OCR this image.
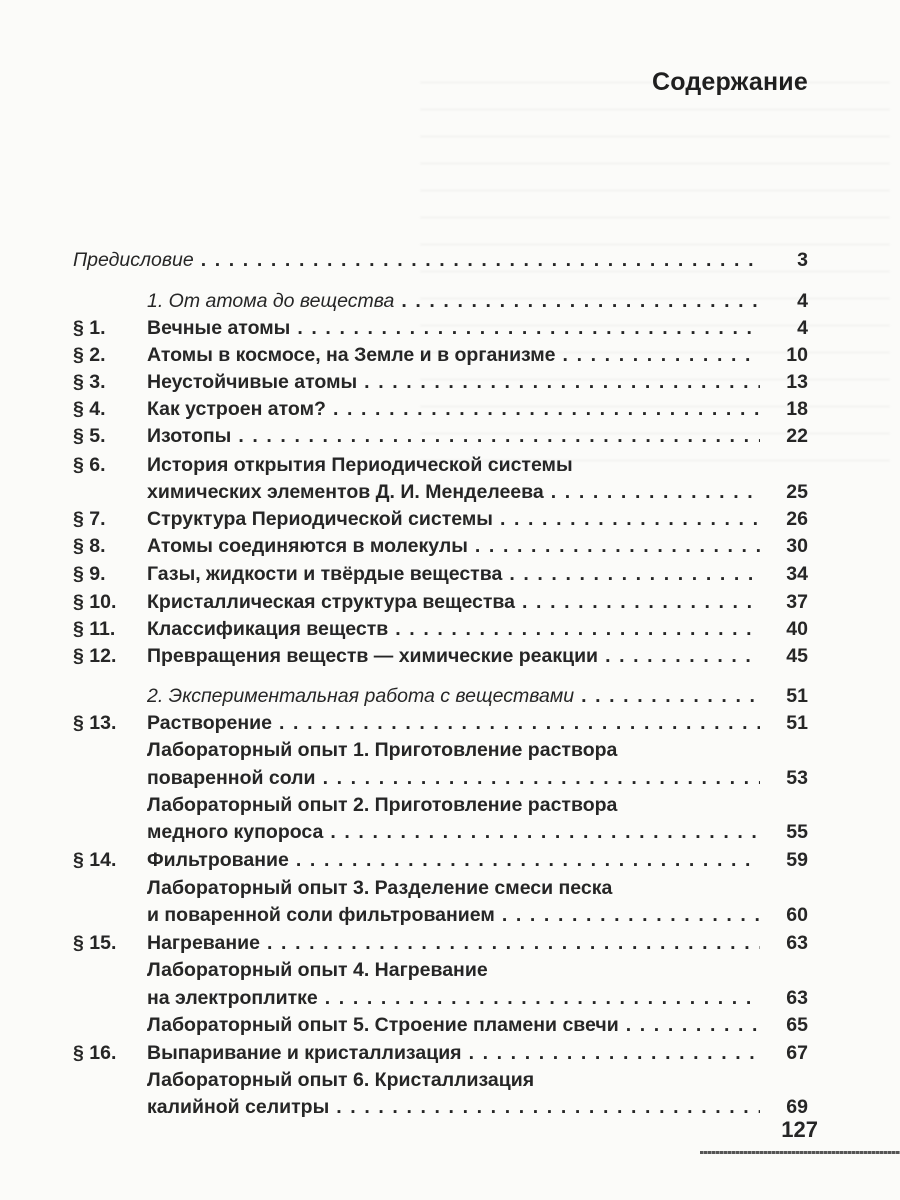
Содержание
Предисловие . . .	3
1. От атома до вещества . . .	4
§ 1. Вечные атомы . . .	4
§ 2. Атомы в космосе, на Земле и в организме . . .	10
§ 3. Неустойчивые атомы . . .	13
§ 4. Как устроен атом? . . .	18
§ 5. Изотопы . . .	22
§ 6. История открытия Периодической системы
химических элементов Д. И. Менделеева . . .	25
§ 7. Структура Периодической системы . . .	26
§ 8. Атомы соединяются в молекулы . . .	30
§ 9. Газы, жидкости и твёрдые вещества . . .	34
§ 10. Кристаллическая структура вещества . . .	37
§ 11. Классификация веществ . . .	40
§ 12. Превращения веществ — химические реакции . . .	45
2. Экспериментальная работа с веществами . . .	51
§ 13. Растворение . . .	51
Лабораторный опыт 1. Приготовление раствора
поваренной соли . . .	53
Лабораторный опыт 2. Приготовление раствора
медного купороса . . .	55
§ 14. Фильтрование . . .	59
Лабораторный опыт 3. Разделение смеси песка
и поваренной соли фильтрованием . . .	60
§ 15. Нагревание . . .	63
Лабораторный опыт 4. Нагревание
на электроплитке . . .	63
Лабораторный опыт 5. Строение пламени свечи . . .	65
§ 16. Выпаривание и кристаллизация . . .	67
Лабораторный опыт 6. Кристаллизация
калийной селитры . . .	69
127
